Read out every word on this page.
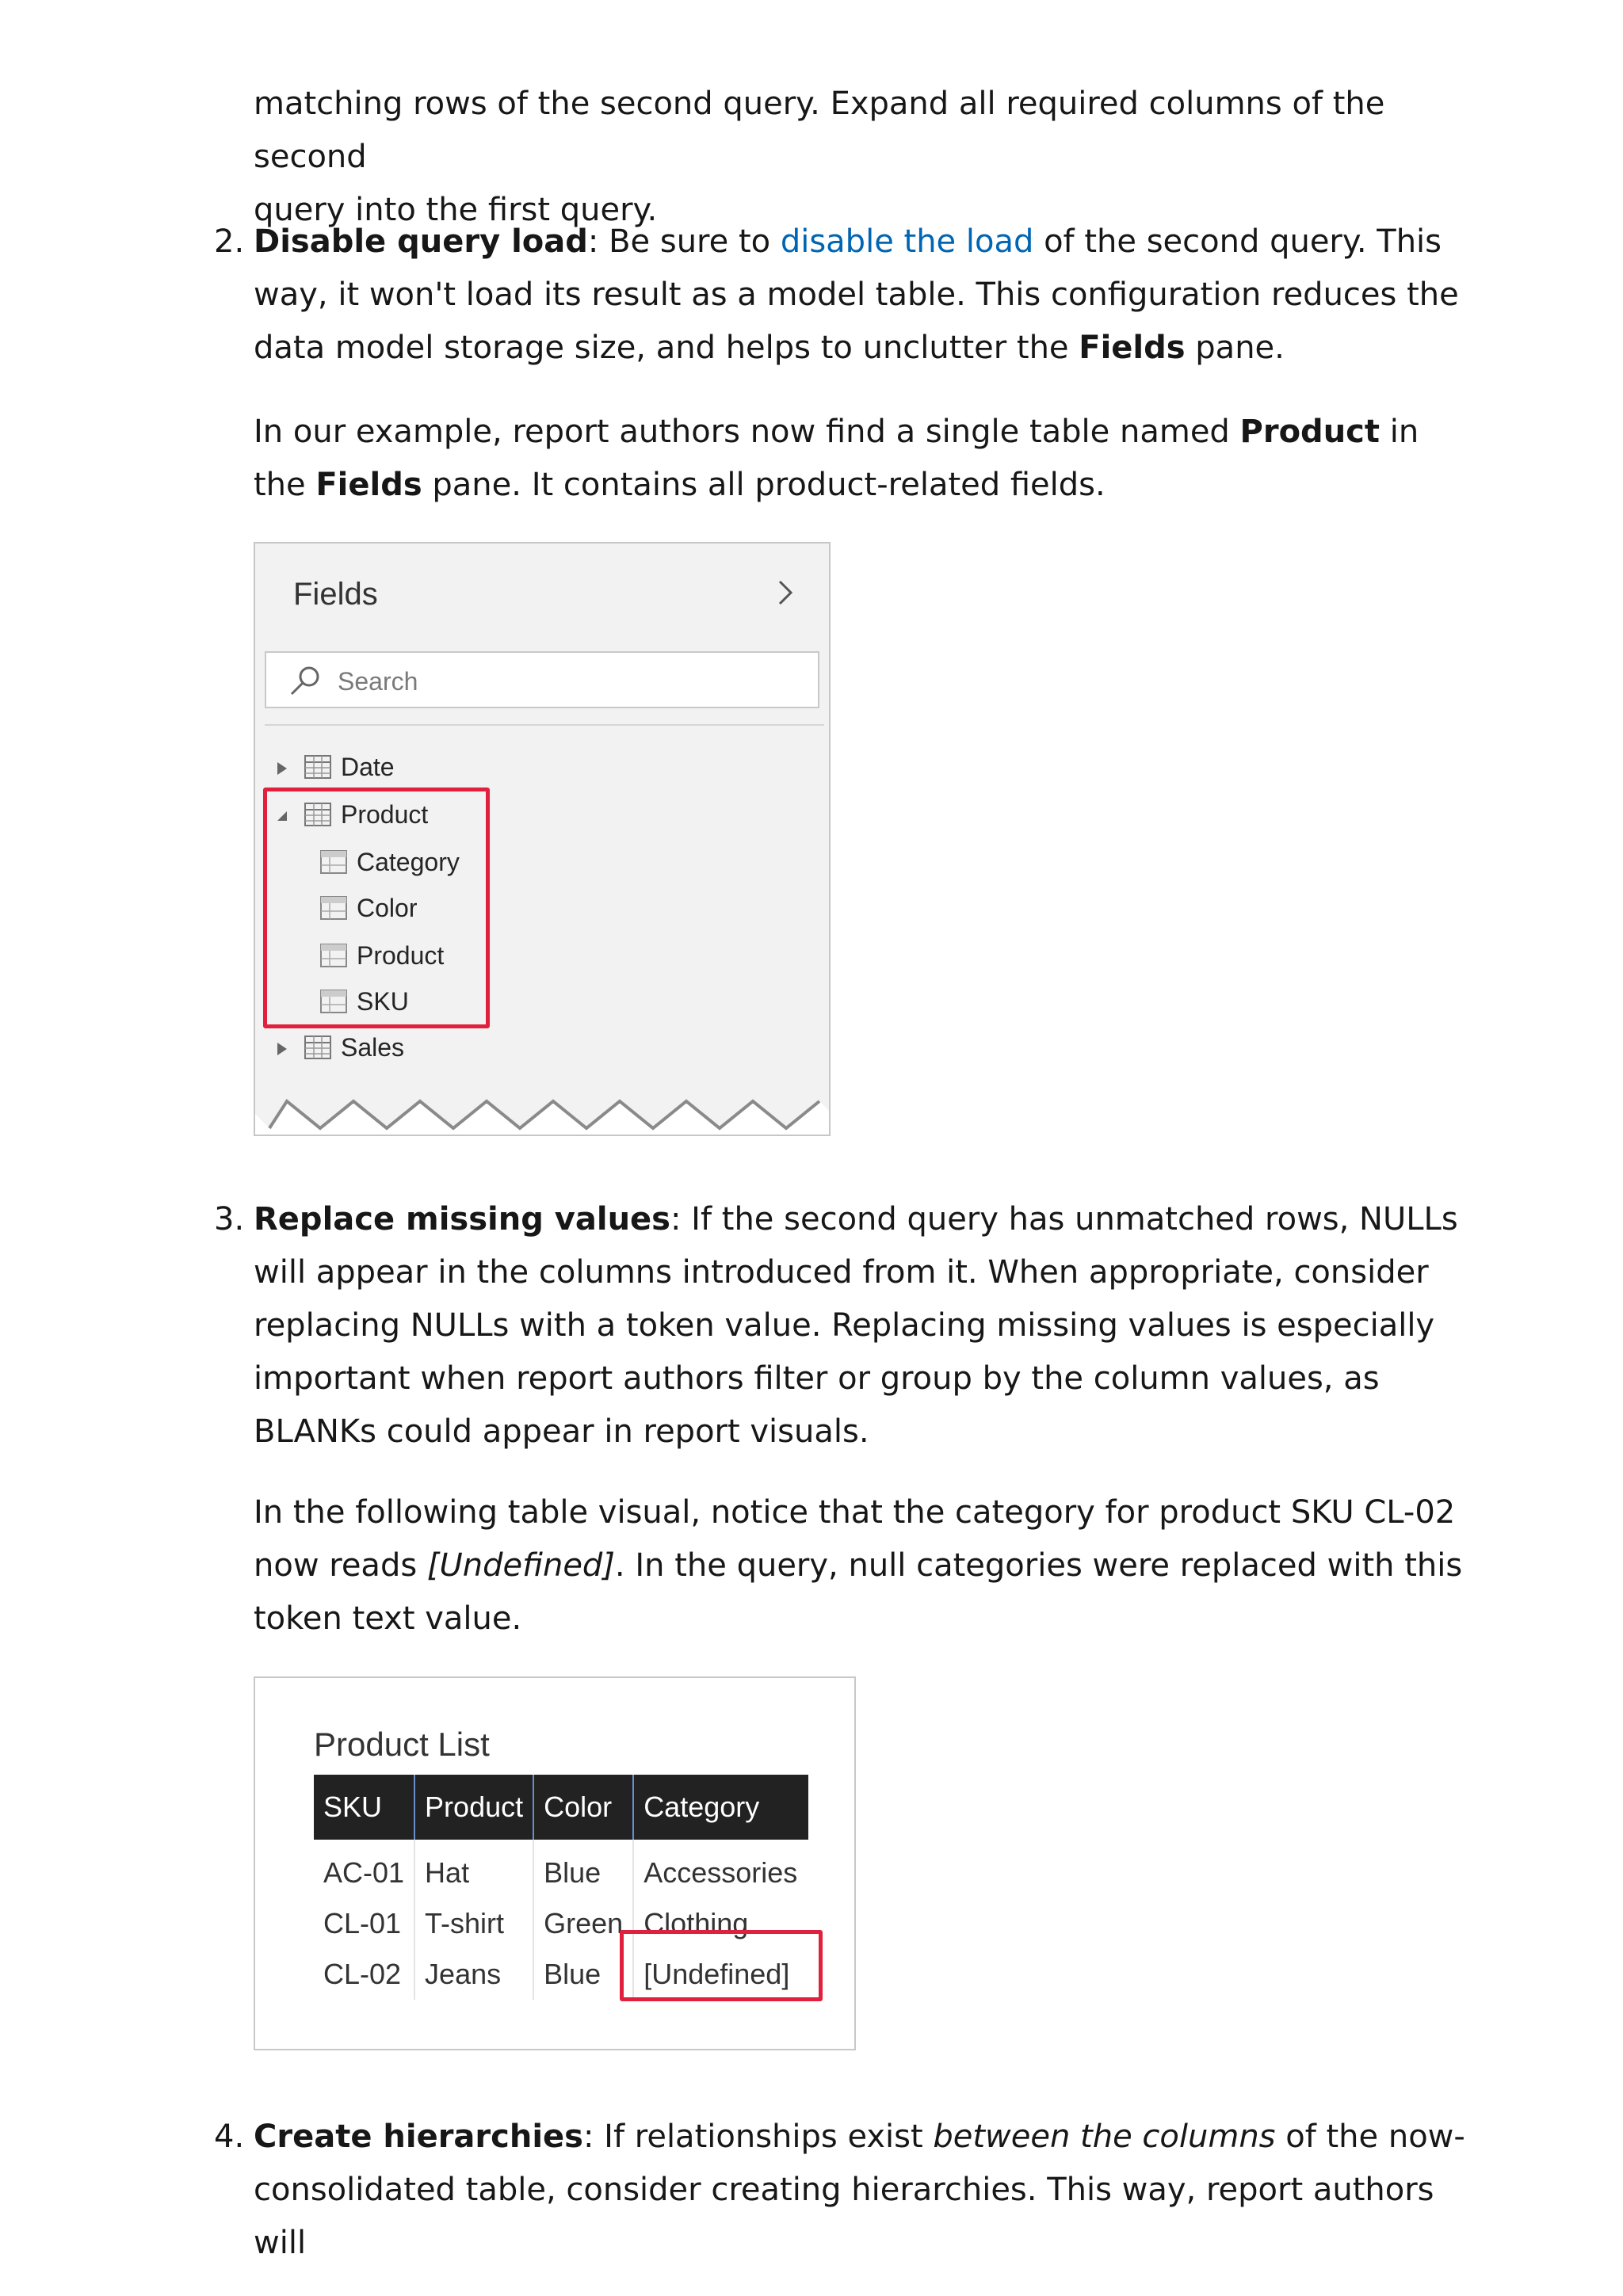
matching rows of the second query. Expand all required columns of the second
query into the first query.

2. Disable query load: Be sure to disable the load of the second query. This way, it won't load its result as a model table. This configuration reduces the data model storage size, and helps to unclutter the Fields pane.

In our example, report authors now find a single table named Product in the Fields pane. It contains all product-related fields.

Fields
Search
Date
Product
Category
Color
Product
SKU
Sales
3. Replace missing values: If the second query has unmatched rows, NULLs will appear in the columns introduced from it. When appropriate, consider replacing NULLs with a token value. Replacing missing values is especially important when report authors filter or group by the column values, as BLANKs could appear in report visuals.

In the following table visual, notice that the category for product SKU CL-02 now reads [Undefined]. In the query, null categories were replaced with this token text value.

Product List
SKU	Product	Color	Category
AC-01	Hat	Blue	Accessories
CL-01	T-shirt	Green	Clothing
CL-02	Jeans	Blue	[Undefined]
4. Create hierarchies: If relationships exist between the columns of the now-consolidated table, consider creating hierarchies. This way, report authors will
